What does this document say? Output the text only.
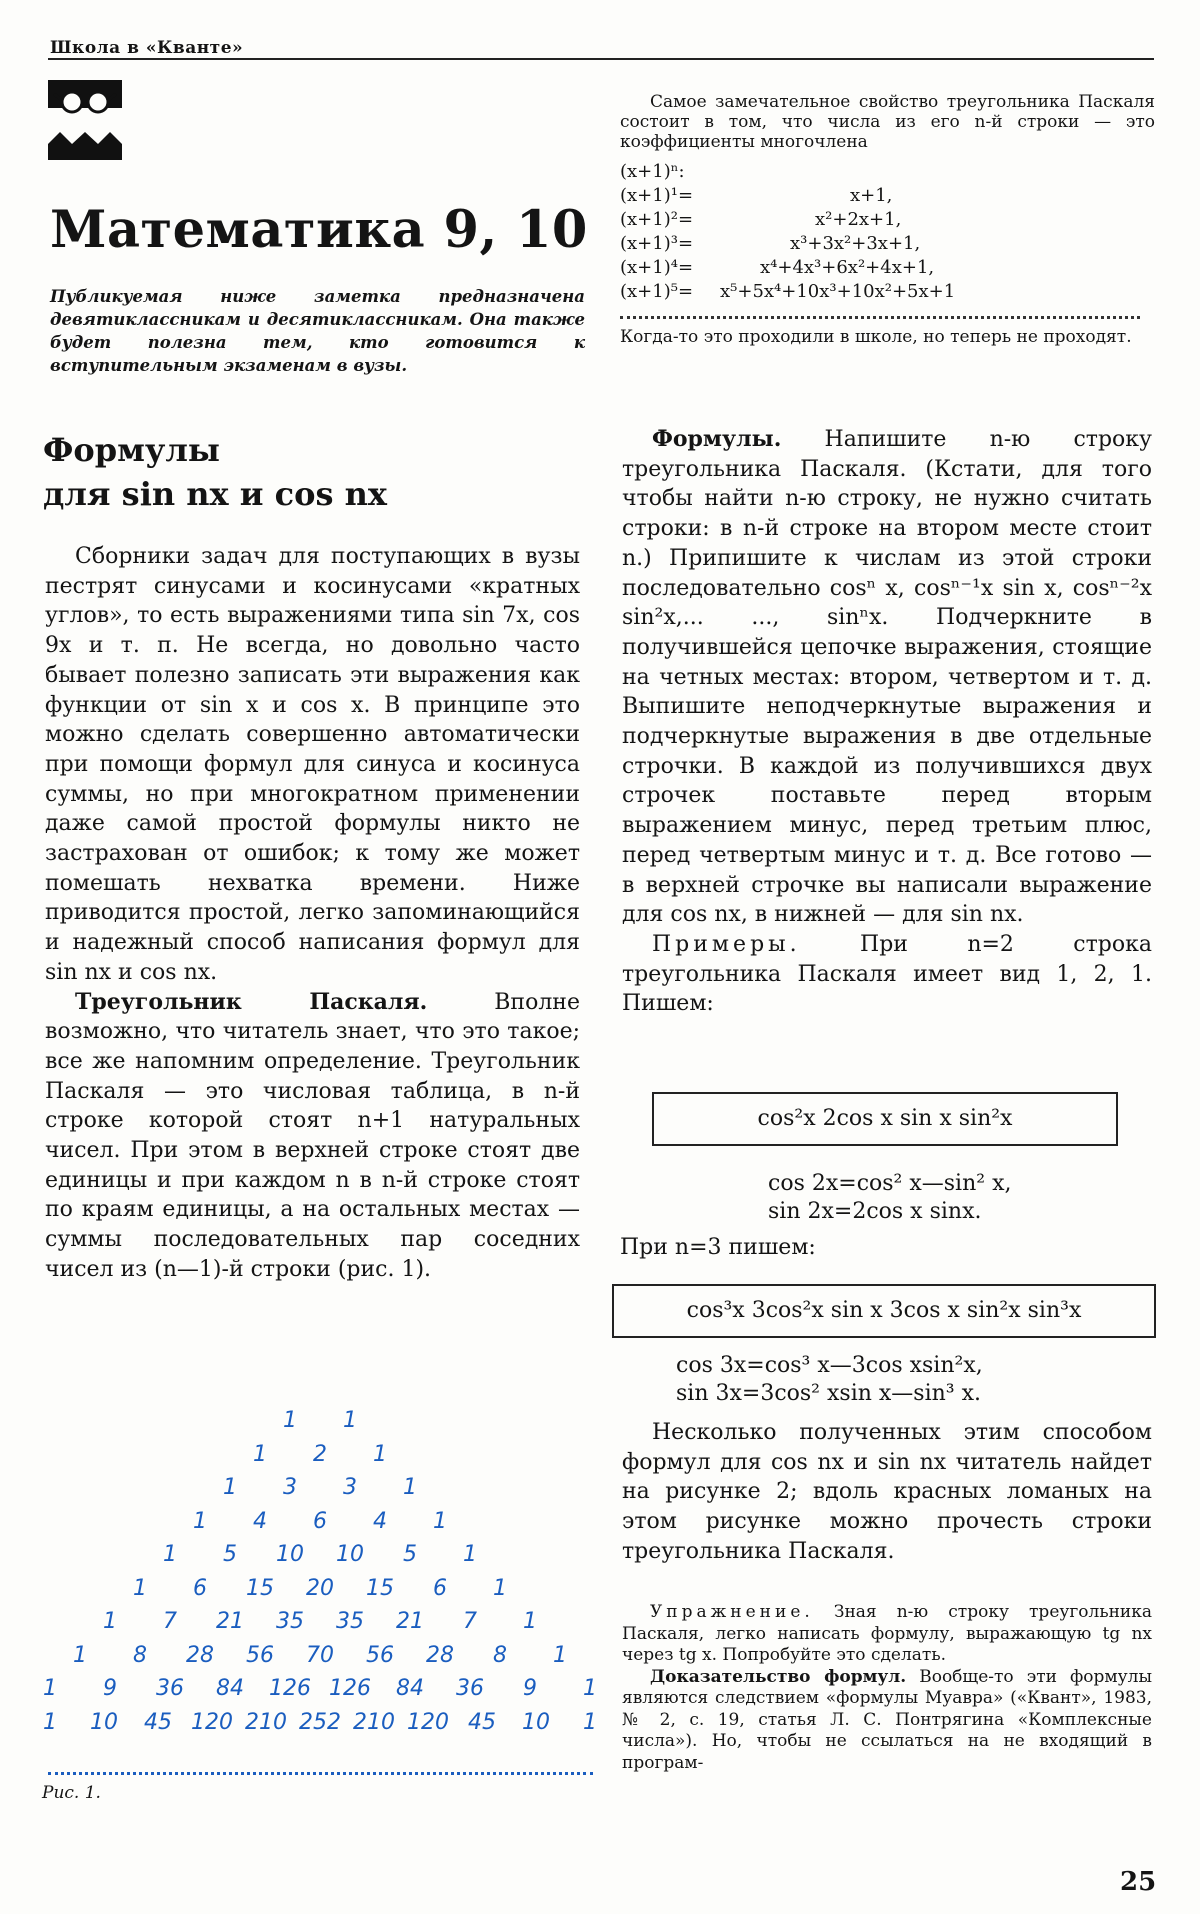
Школа в «Кванте»
Математика 9, 10

Публикуемая ниже заметка предназначена девятиклассникам и десятиклассникам. Она также будет полезна тем, кто готовится к вступительным экзаменам в вузы.

Формулы
для sin nx и cos nx

Сборники задач для поступающих в вузы пестрят синусами и косинусами «кратных углов», то есть выражениями типа sin 7x, cos 9x и т. п. Не всегда, но довольно часто бывает полезно записать эти выражения как функции от sin x и cos x. В принципе это можно сделать совершенно автоматически при помощи формул для синуса и косинуса суммы, но при многократном применении даже самой простой формулы никто не застрахован от ошибок; к тому же может помешать нехватка времени. Ниже приводится простой, легко запоминающийся и надежный способ написания формул для sin nx и cos nx.

Треугольник Паскаля. Вполне возможно, что читатель знает, что это такое; все же напомним определение. Треугольник Паскаля — это числовая таблица, в n-й строке которой стоят n+1 натуральных чисел. При этом в верхней строке стоят две единицы и при каждом n в n-й строке стоят по краям единицы, а на остальных местах — суммы последовательных пар соседних чисел из (n—1)-й строки (рис. 1).

1 1
1 2 1
1 3 3 1
1 4 6 4 1
1 5 10 10 5 1
1 6 15 20 15 6 1
1 7 21 35 35 21 7 1
1 8 28 56 70 56 28 8 1
1 9 36 84 126 126 84 36 9 1
1 10 45 120 210 252 210 120 45 10 1
Рис. 1.

Самое замечательное свойство треугольника Паскаля состоит в том, что числа из его n-й строки — это коэффициенты многочлена

(x+1)ⁿ:
(x+1)¹=	x+1,
(x+1)²=	x²+2x+1,
(x+1)³=	x³+3x²+3x+1,
(x+1)⁴=	x⁴+4x³+6x²+4x+1,
(x+1)⁵= x⁵+5x⁴+10x³+10x²+5x+1

Когда-то это проходили в школе, но теперь не проходят.

Формулы. Напишите n-ю строку треугольника Паскаля. (Кстати, для того чтобы найти n-ю строку, не нужно считать строки: в n-й строке на втором месте стоит n.) Припишите к числам из этой строки последовательно cosⁿ x, cosⁿ⁻¹x sin x, cosⁿ⁻²x sin²x,... ..., sinⁿx. Подчеркните в получившейся цепочке выражения, стоящие на четных местах: втором, четвертом и т. д. Выпишите неподчеркнутые выражения и подчеркнутые выражения в две отдельные строчки. В каждой из получившихся двух строчек поставьте перед вторым выражением минус, перед третьим плюс, перед четвертым минус и т. д. Все готово — в верхней строчке вы написали выражение для cos nx, в нижней — для sin nx.

Примеры. При n=2 строка треугольника Паскаля имеет вид 1, 2, 1. Пишем:

cos²x 2cos x sin x sin²x
cos 2x=cos² x—sin² x,
sin 2x=2cos x sinx.
При n=3 пишем:
cos³x 3cos²x sin x 3cos x sin²x sin³x
cos 3x=cos³ x—3cos xsin²x,
sin 3x=3cos² xsin x—sin³ x.

Несколько полученных этим способом формул для cos nx и sin nx читатель найдет на рисунке 2; вдоль красных ломаных на этом рисунке можно прочесть строки треугольника Паскаля.

Упражнение. Зная n-ю строку треугольника Паскаля, легко написать формулу, выражающую tg nx через tg x. Попробуйте это сделать.

Доказательство формул. Вообще-то эти формулы являются следствием «формулы Муавра» («Квант», 1983, № 2, с. 19, статья Л. С. Понтрягина «Комплексные числа»). Но, чтобы не ссылаться на не входящий в програм-

25
